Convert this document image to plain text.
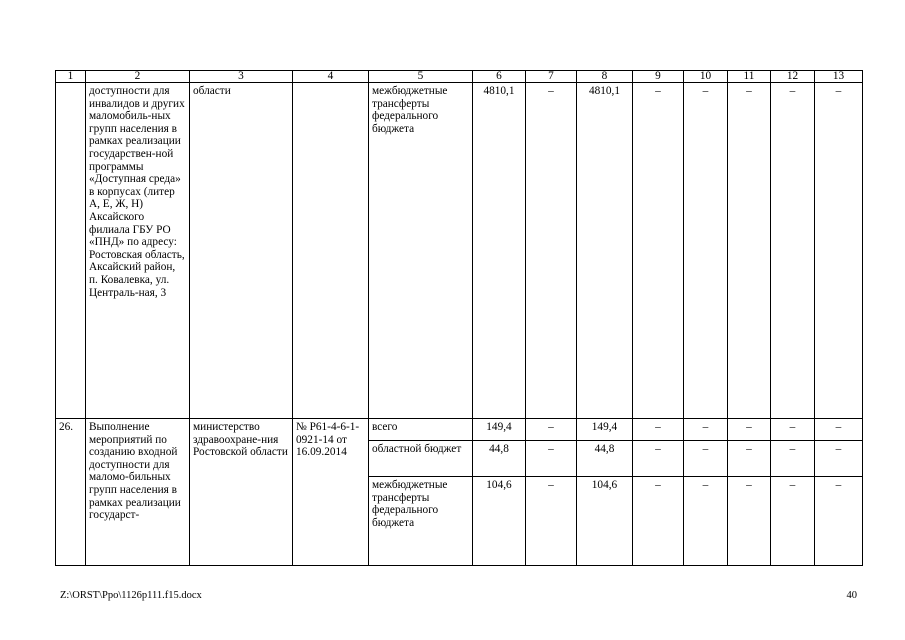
1	2	3	4	5	6	7	8	9	10	11	12	13
	доступности для инвалидов и других маломобиль-ных групп населения в рамках реализации государствен-ной программы «Доступная среда» в корпусах (литер А, Е, Ж, Н) Аксайского филиала ГБУ РО «ПНД» по адресу: Ростовская область, Аксайский район, п. Ковалевка, ул. Централь-ная, 3	области		межбюджетные трансферты федерального бюджета	4810,1	–	4810,1	–	–	–	–	–
26.	Выполнение мероприятий по созданию входной доступности для маломо-бильных групп населения в рамках реализации государст-	министерство здравоохране-ния Ростовской области	№ Р61-4-6-1-0921-14 от 16.09.2014	всего	149,4	–	149,4	–	–	–	–	–
				областной бюджет	44,8	–	44,8	–	–	–	–	–
				межбюджетные трансферты федерального бюджета	104,6	–	104,6	–	–	–	–	–
Z:\ORST\Ppo\1126p111.f15.docx	40
